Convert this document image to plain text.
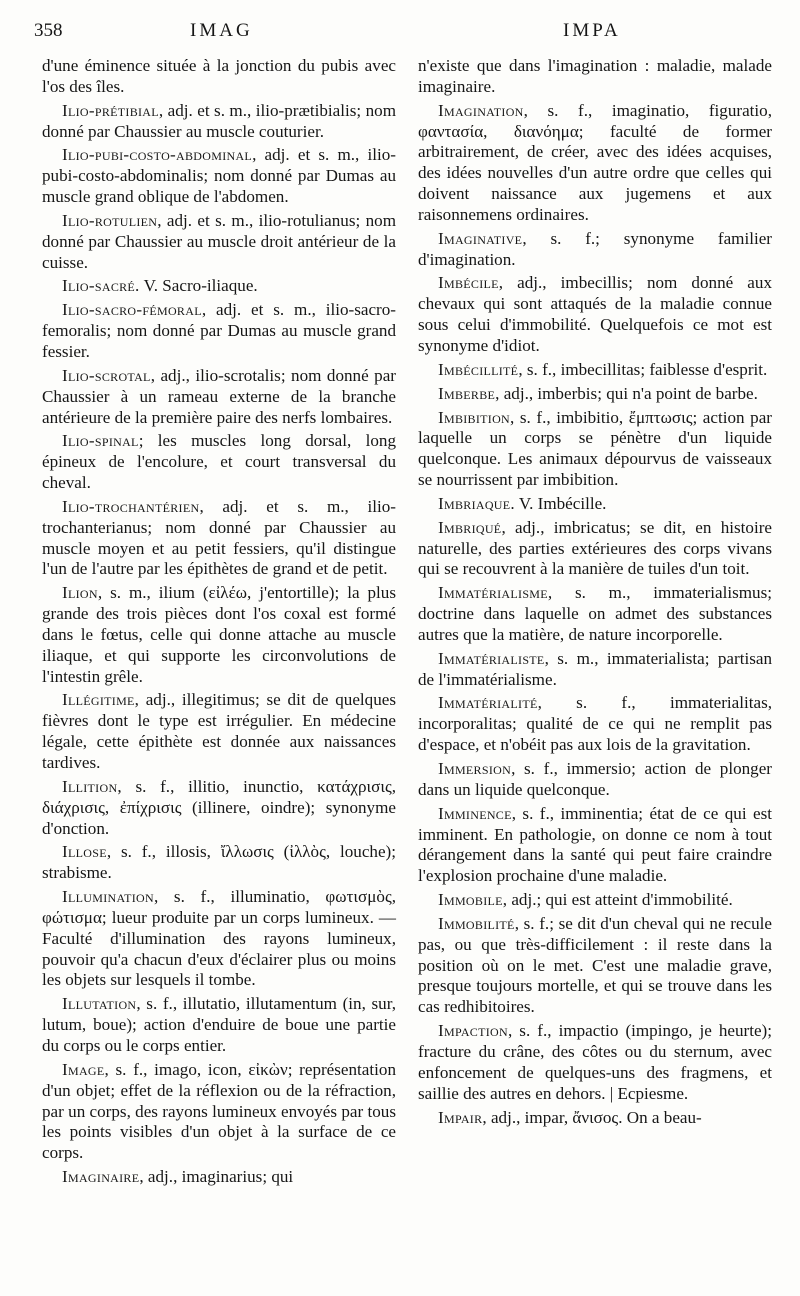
358	IMAG	IMPA

d'une éminence située à la jonction du pubis avec l'os des îles.

Ilio-prétibial, adj. et s. m., ilio-prætibialis; nom donné par Chaussier au muscle couturier.

Ilio-pubi-costo-abdominal, adj. et s. m., ilio-pubi-costo-abdominalis; nom donné par Dumas au muscle grand oblique de l'abdomen.

Ilio-rotulien, adj. et s. m., ilio-rotulianus; nom donné par Chaussier au muscle droit antérieur de la cuisse.

Ilio-sacré. V. Sacro-iliaque.

Ilio-sacro-fémoral, adj. et s. m., ilio-sacro-femoralis; nom donné par Dumas au muscle grand fessier.

Ilio-scrotal, adj., ilio-scrotalis; nom donné par Chaussier à un rameau externe de la branche antérieure de la première paire des nerfs lombaires.

Ilio-spinal; les muscles long dorsal, long épineux de l'encolure, et court transversal du cheval.

Ilio-trochantérien, adj. et s. m., ilio-trochanterianus; nom donné par Chaussier au muscle moyen et au petit fessiers, qu'il distingue l'un de l'autre par les épithètes de grand et de petit.

Ilion, s. m., ilium (εἰλέω, j'entortille); la plus grande des trois pièces dont l'os coxal est formé dans le fœtus, celle qui donne attache au muscle iliaque, et qui supporte les circonvolutions de l'intestin grêle.

Illégitime, adj., illegitimus; se dit de quelques fièvres dont le type est irrégulier. En médecine légale, cette épithète est donnée aux naissances tardives.

Illition, s. f., illitio, inunctio, κατάχρισις, διάχρισις, ἐπίχρισις (illinere, oindre); synonyme d'onction.

Illose, s. f., illosis, ἴλλωσις (ἰλλὸς, louche); strabisme.

Illumination, s. f., illuminatio, φωτισμὸς, φώτισμα; lueur produite par un corps lumineux. — Faculté d'illumination des rayons lumineux, pouvoir qu'a chacun d'eux d'éclairer plus ou moins les objets sur lesquels il tombe.

Illutation, s. f., illutatio, illutamentum (in, sur, lutum, boue); action d'enduire de boue une partie du corps ou le corps entier.

Image, s. f., imago, icon, εἰκὼν; représentation d'un objet; effet de la réflexion ou de la réfraction, par un corps, des rayons lumineux envoyés par tous les points visibles d'un objet à la surface de ce corps.

Imaginaire, adj., imaginarius; qui

n'existe que dans l'imagination : maladie, malade imaginaire.

Imagination, s. f., imaginatio, figuratio, φαντασία, διανόημα; faculté de former arbitrairement, de créer, avec des idées acquises, des idées nouvelles d'un autre ordre que celles qui doivent naissance aux jugemens et aux raisonnemens ordinaires.

Imaginative, s. f.; synonyme familier d'imagination.

Imbécile, adj., imbecillis; nom donné aux chevaux qui sont attaqués de la maladie connue sous celui d'immobilité. Quelquefois ce mot est synonyme d'idiot.

Imbécillité, s. f., imbecillitas; faiblesse d'esprit.

Imberbe, adj., imberbis; qui n'a point de barbe.

Imbibition, s. f., imbibitio, ἔμπτωσις; action par laquelle un corps se pénètre d'un liquide quelconque. Les animaux dépourvus de vaisseaux se nourrissent par imbibition.

Imbriaque. V. Imbécille.

Imbriqué, adj., imbricatus; se dit, en histoire naturelle, des parties extérieures des corps vivans qui se recouvrent à la manière de tuiles d'un toit.

Immatérialisme, s. m., immaterialismus; doctrine dans laquelle on admet des substances autres que la matière, de nature incorporelle.

Immatérialiste, s. m., immaterialista; partisan de l'immatérialisme.

Immatérialité, s. f., immaterialitas, incorporalitas; qualité de ce qui ne remplit pas d'espace, et n'obéit pas aux lois de la gravitation.

Immersion, s. f., immersio; action de plonger dans un liquide quelconque.

Imminence, s. f., imminentia; état de ce qui est imminent. En pathologie, on donne ce nom à tout dérangement dans la santé qui peut faire craindre l'explosion prochaine d'une maladie.

Immobile, adj.; qui est atteint d'immobilité.

Immobilité, s. f.; se dit d'un cheval qui ne recule pas, ou que très-difficilement : il reste dans la position où on le met. C'est une maladie grave, presque toujours mortelle, et qui se trouve dans les cas redhibitoires.

Impaction, s. f., impactio (impingo, je heurte); fracture du crâne, des côtes ou du sternum, avec enfoncement de quelques-uns des fragmens, et saillie des autres en dehors. | Ecpiesme.

Impair, adj., impar, ἄνισος. On a beau-
